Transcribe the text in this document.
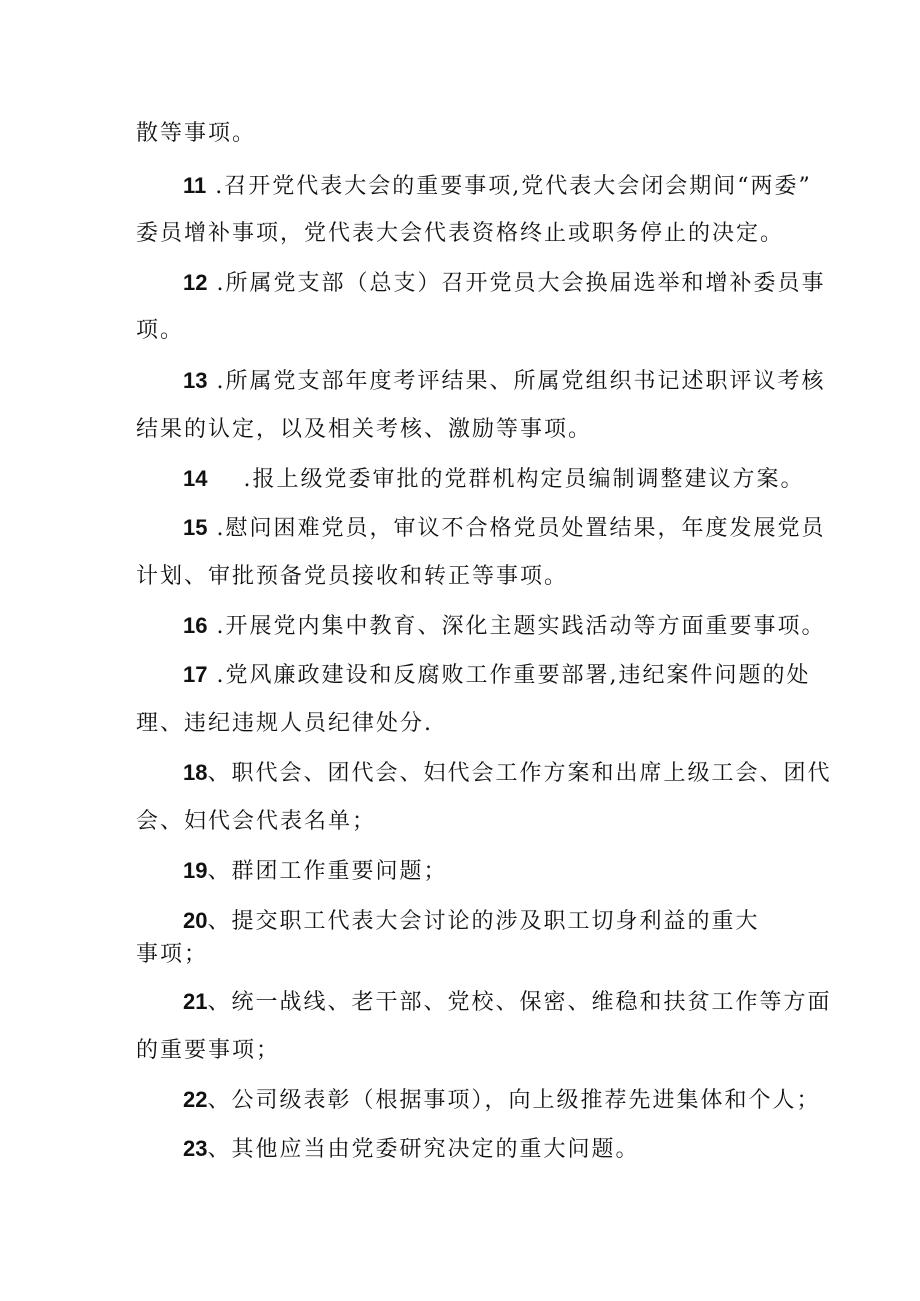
散等事项。
11 .召开党代表大会的重要事项,党代表大会闭会期间“两委”
委员增补事项，党代表大会代表资格终止或职务停止的决定。
12 .所属党支部（总支）召开党员大会换届选举和增补委员事
项。
13 .所属党支部年度考评结果、所属党组织书记述职评议考核
结果的认定，以及相关考核、激励等事项。
14    .报上级党委审批的党群机构定员编制调整建议方案。
15 .慰问困难党员，审议不合格党员处置结果，年度发展党员
计划、审批预备党员接收和转正等事项。
16 .开展党内集中教育、深化主题实践活动等方面重要事项。
17 .党风廉政建设和反腐败工作重要部署,违纪案件问题的处
理、违纪违规人员纪律处分.
18、职代会、团代会、妇代会工作方案和出席上级工会、团代
会、妇代会代表名单；
19、群团工作重要问题；
20、提交职工代表大会讨论的涉及职工切身利益的重大
事项；
21、统一战线、老干部、党校、保密、维稳和扶贫工作等方面
的重要事项；
22、公司级表彰（根据事项），向上级推荐先进集体和个人；
23、其他应当由党委研究决定的重大问题。
